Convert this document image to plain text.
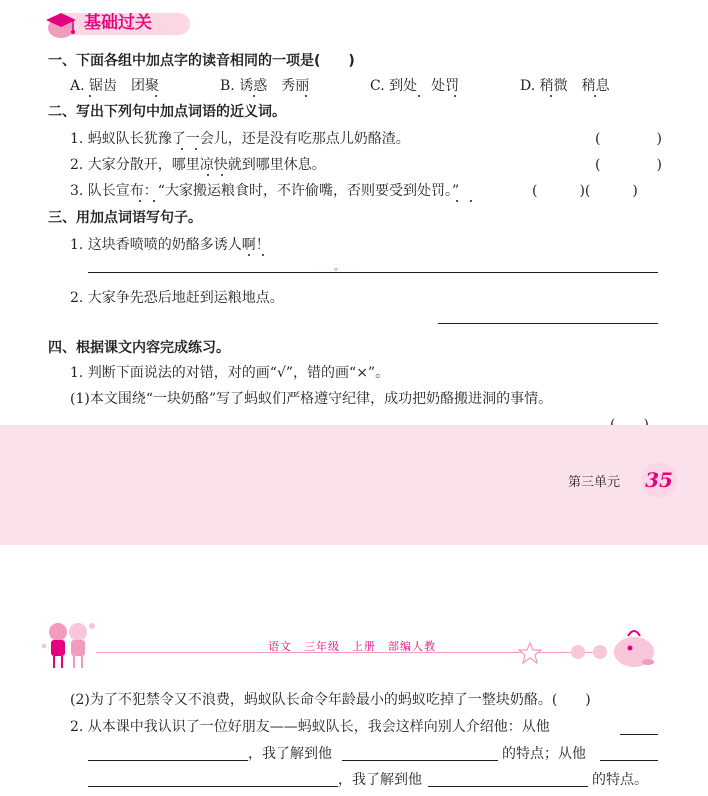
基础过关
一、下面各组中加点字的读音相同的一项是(　　)
A. 锯齿　团聚	B. 诱惑　秀丽	C. 到处　处罚	D. 稍微　稍息
二、写出下列句中加点词语的近义词。
1. 蚂蚁队长犹豫了一会儿，还是没有吃那点儿奶酪渣。	(　　　　)
2. 大家分散开，哪里凉快就到哪里休息。	(　　　　)
3. 队长宣布：“大家搬运粮食时，不许偷嘴，否则要受到处罚。”	(　　　)(　　　)
三、用加点词语写句子。
1. 这块香喷喷的奶酪多诱人啊！
。
2. 大家争先恐后地赶到运粮地点。
四、根据课文内容完成练习。
1. 判断下面说法的对错，对的画“√”，错的画“×”。
(1)本文围绕“一块奶酪”写了蚂蚁们严格遵守纪律，成功把奶酪搬进洞的事情。
第三单元 35
语文　三年级　上册　部编人教
(2)为了不犯禁令又不浪费，蚂蚁队长命令年龄最小的蚂蚁吃掉了一整块奶酪。(　　)
2. 从本课中我认识了一位好朋友——蚂蚁队长，我会这样向别人介绍他：从他
，我了解到他	的特点；从他
，我了解到他	的特点。
